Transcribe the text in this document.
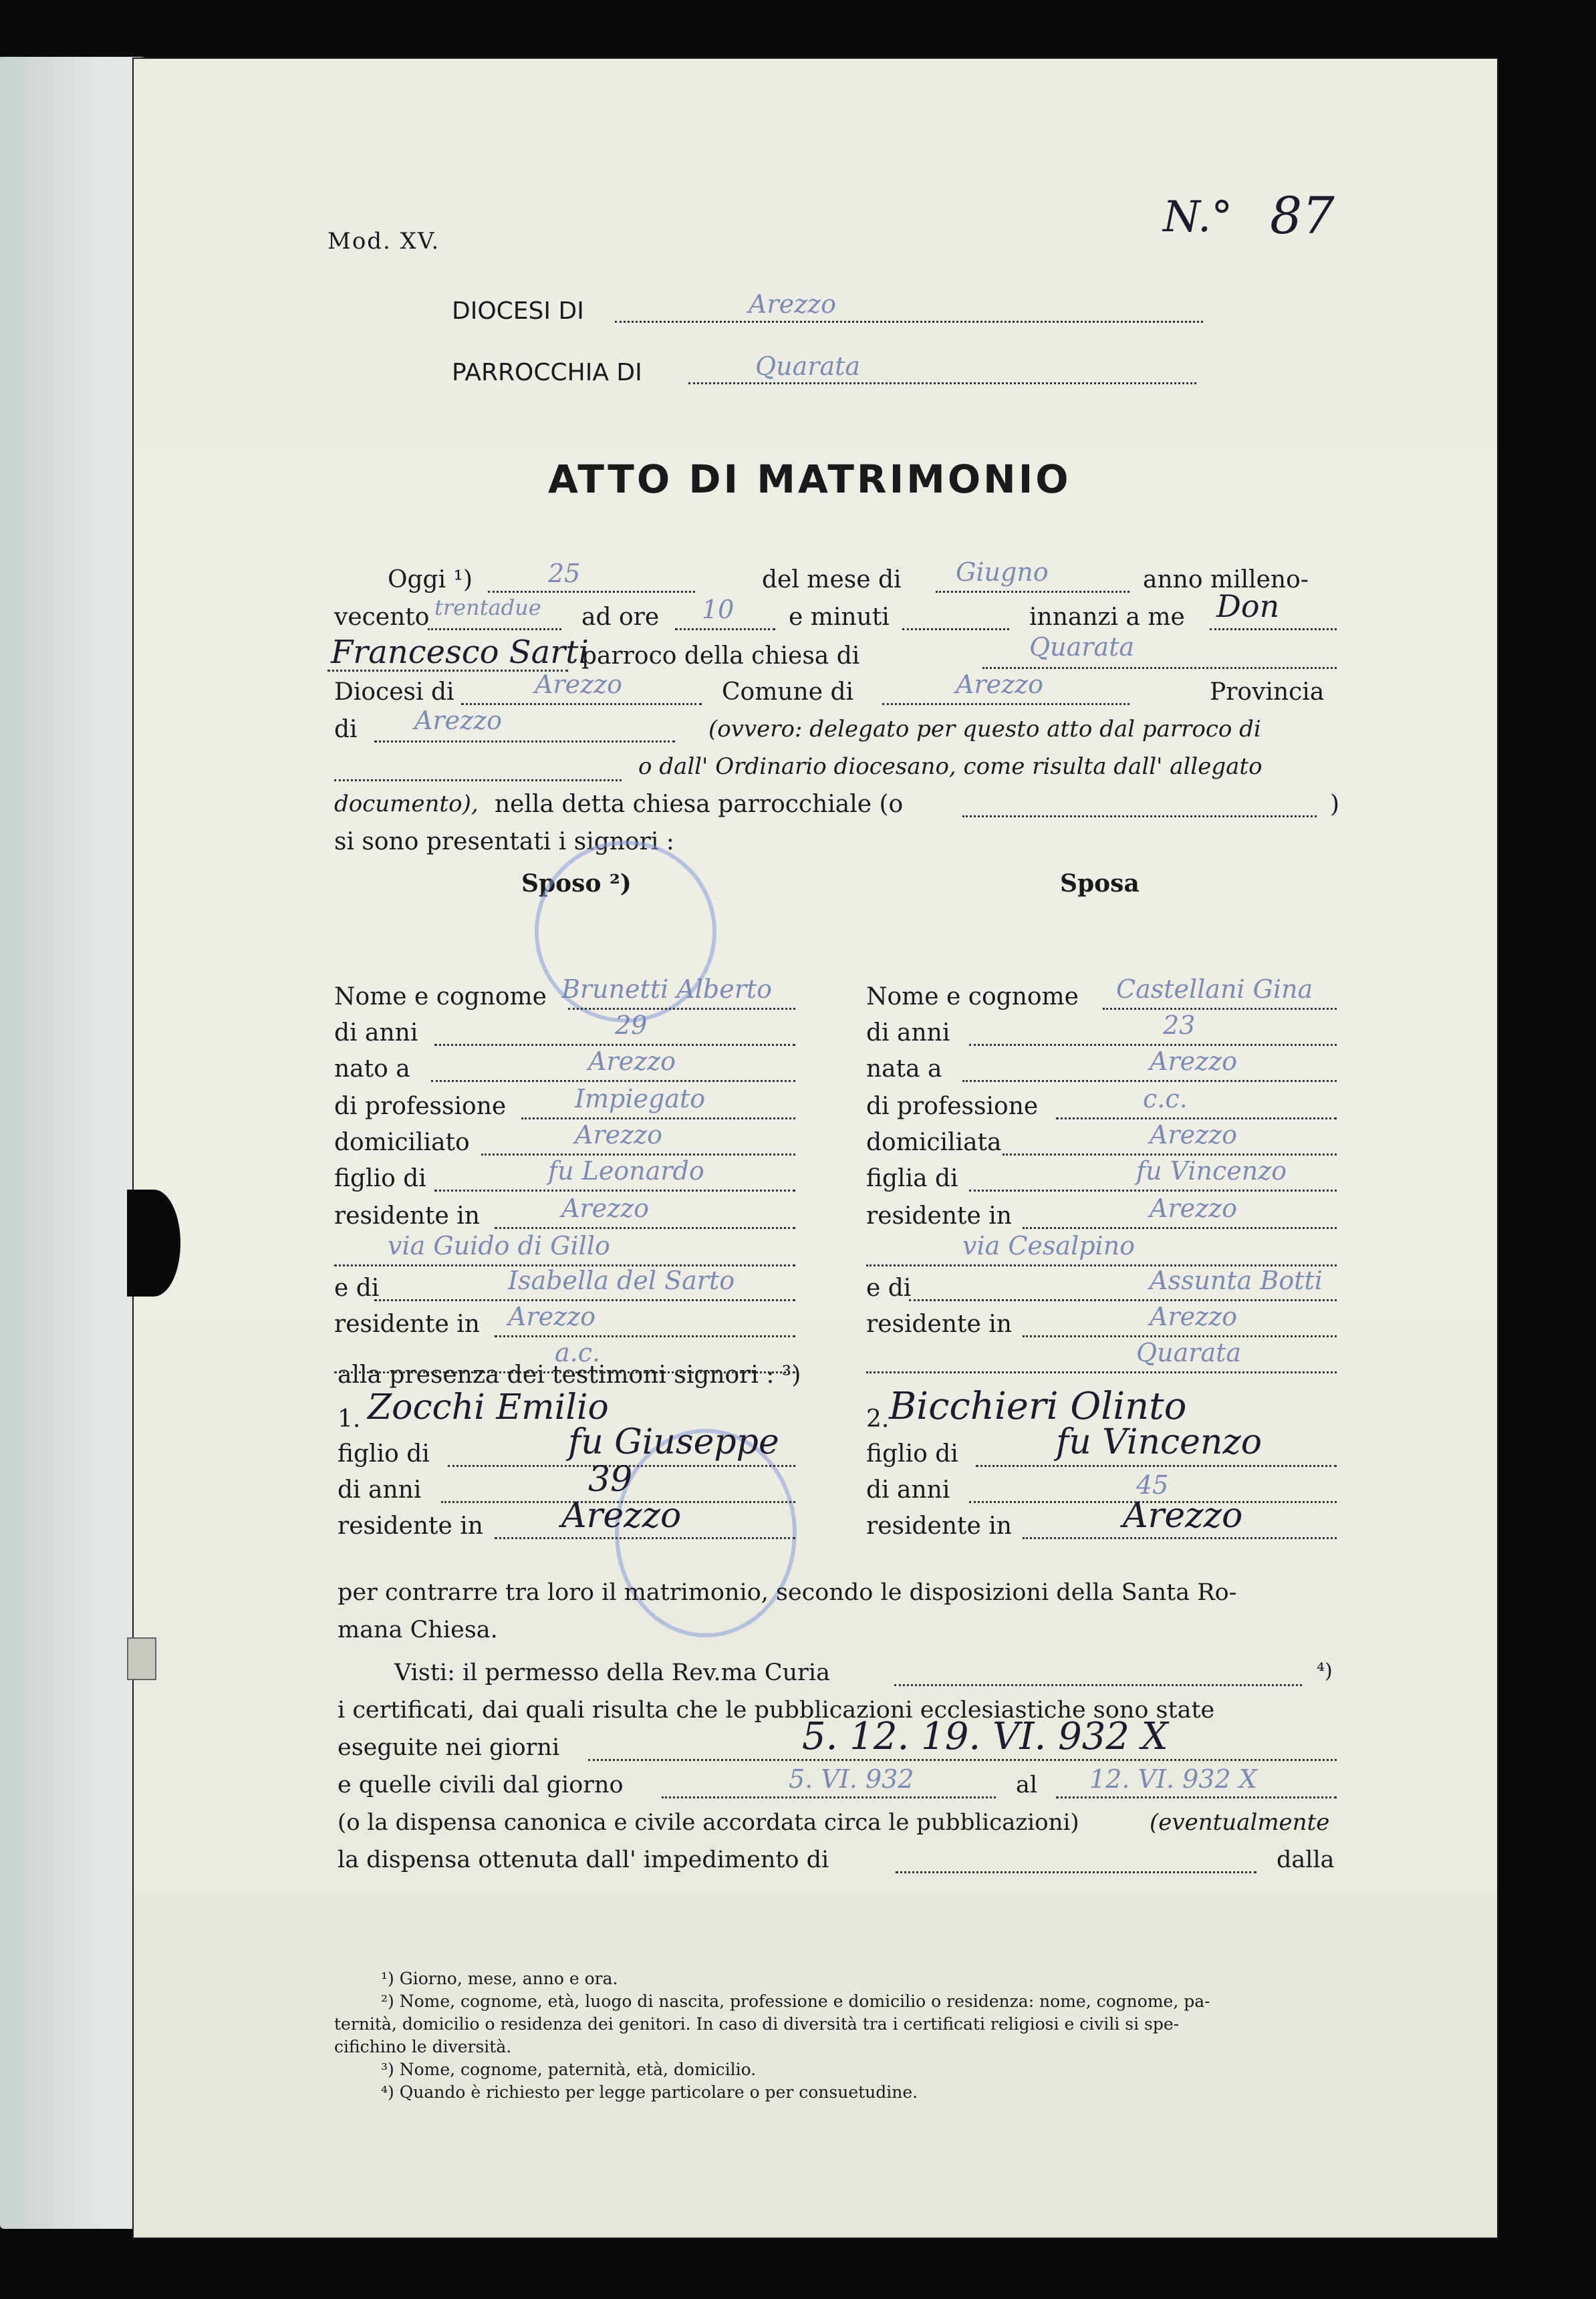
Mod. XV.	N.° 87
DIOCESI DI	Arezzo
PARROCCHIA DI	Quarata
ATTO DI MATRIMONIO
Oggi ¹)	25	del mese di Giugno	anno milleno-
vecento trentadue ad ore 10 e minuti	innanzi a me Don
Francesco Sarti
parroco della chiesa di	Quarata
Diocesi di	Arezzo	Comune di	Arezzo	Provincia
di Arezzo	(ovvero: delegato per questo atto dal parroco di
o dall' Ordinario diocesano, come risulta dall' allegato
documento), nella detta chiesa parrocchiale (o	)
si sono presentati i signori :
Sposo ²)	Sposa
alla presenza dei testimoni signori : ³)
1. Zocchi Emilio
figlio di	fu Giuseppe
di anni	39
residente in Arezzo
2. Bicchieri Olinto
figlio di	fu Vincenzo
di anni	45
residente in	Arezzo
per contrarre tra loro il matrimonio, secondo le disposizioni della Santa Ro-
mana Chiesa.
Visti: il permesso della Rev.ma Curia	⁴)
i certificati, dai quali risulta che le pubblicazioni ecclesiastiche sono state
eseguite nei giorni	5. 12. 19. VI. 932 X
e quelle civili dal giorno	5. VI. 932	al 12. VI. 932 X
(o la dispensa canonica e civile accordata circa le pubblicazioni)	(eventualmente
la dispensa ottenuta dall' impedimento di	dalla
¹) Giorno, mese, anno e ora.
²) Nome, cognome, età, luogo di nascita, professione e domicilio o residenza: nome, cognome, pa-
ternità, domicilio o residenza dei genitori. In caso di diversità tra i certificati religiosi e civili si spe-
cifichino le diversità.
³) Nome, cognome, paternità, età, domicilio.
⁴) Quando è richiesto per legge particolare o per consuetudine.
Nome e cognome Brunetti Alberto
di anni	29
nato a	Arezzo
di professione	Impiegato
domiciliato	Arezzo
figlio di	fu Leonardo
residente in	Arezzo
via Guido di Gillo
e di	Isabella del Sarto
residente in Arezzo
a.c.
Nome e cognome Castellani Gina
di anni	23
nata a	Arezzo
di professione	c.c.
domiciliata	Arezzo
figlia di	fu Vincenzo
residente in	Arezzo
via Cesalpino
e di	Assunta Botti
residente in	Arezzo
Quarata
